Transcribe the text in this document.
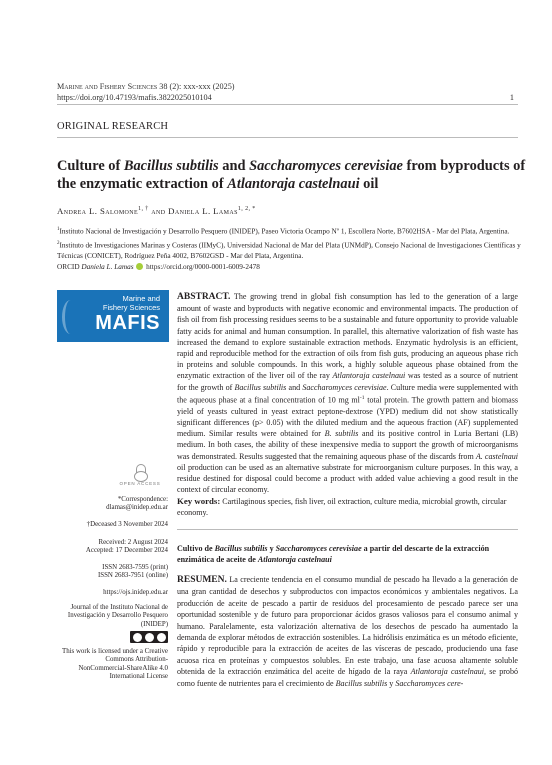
Marine and Fishery Sciences 38 (2): xxx-xxx (2025)
https://doi.org/10.47193/mafis.3822025010104	1
ORIGINAL RESEARCH
Culture of Bacillus subtilis and Saccharomyces cerevisiae from byproducts of the enzymatic extraction of Atlantoraja castelnaui oil
Andrea L. Salomone$^{1, \dagger}$ and Daniela L. Lamas$^{1, 2, *}$
$^1$Instituto Nacional de Investigación y Desarrollo Pesquero (INIDEP), Paseo Victoria Ocampo Nº 1, Escollera Norte, B7602HSA - Mar del Plata, Argentina. $^2$Instituto de Investigaciones Marinas y Costeras (IIMyC), Universidad Nacional de Mar del Plata (UNMdP), Consejo Nacional de Investigaciones Científicas y Técnicas (CONICET), Rodríguez Peña 4002, B7602GSD - Mar del Plata, Argentina.
ORCID Daniela L. Lamas  https://orcid.org/0000-0001-6009-2478
Marine and
Fishery Sciences
MAFIS
OPEN ACCESS
*Correspondence:
dlamas@inidep.edu.ar
†Deceased 3 November 2024
Received: 2 August 2024
Accepted: 17 December 2024
ISSN 2683-7595 (print)
ISSN 2683-7951 (online)
https://ojs.inidep.edu.ar
Journal of the Instituto Nacional de
Investigación y Desarrollo Pesquero
(INIDEP)
This work is licensed under a Creative
Commons Attribution-
NonCommercial-ShareAlike 4.0
International License
ABSTRACT. The growing trend in global fish consumption has led to the generation of a large amount of waste and byproducts with negative economic and environmental impacts. The production of fish oil from fish processing residues seems to be a sustainable and future opportunity to provide valuable fatty acids for animal and human consumption. In parallel, this alternative valorization of fish waste has increased the demand to explore sustainable extraction methods. Enzymatic hydrolysis is an efficient, rapid and reproducible method for the extraction of oils from fish guts, producing an aqueous phase rich in proteins and soluble compounds. In this work, a highly soluble aqueous phase obtained from the enzymatic extraction of the liver oil of the ray Atlantoraja castelnaui was tested as a source of nutrient for the growth of Bacillus subtilis and Saccharomyces cerevisiae. Culture media were supplemented with the aqueous phase at a final concentration of 10 mg $ml^{-1}$ total protein. The growth pattern and biomass yield of yeasts cultured in yeast extract peptone-dextrose (YPD) medium did not show statistically significant differences (p> 0.05) with the diluted medium and the aqueous fraction (AF) supplemented medium. Similar results were obtained for B. subtilis and its positive control in Luria Bertani (LB) medium. In both cases, the ability of these inexpensive media to support the growth of microorganisms was demonstrated. Results suggested that the remaining aqueous phase of the discards from A. castelnaui oil production can be used as an alternative substrate for microorganism culture purposes. In this way, a residue destined for disposal could become a product with added value achieving a good result in the context of circular economy.
Key words: Cartilaginous species, fish liver, oil extraction, culture media, microbial growth, circular economy.
Cultivo de Bacillus subtilis y Saccharomyces cerevisiae a partir del descarte de la extracción enzimática de aceite de Atlantoraja castelnaui
RESUMEN. La creciente tendencia en el consumo mundial de pescado ha llevado a la generación de una gran cantidad de desechos y subproductos con impactos económicos y ambientales negativos. La producción de aceite de pescado a partir de residuos del procesamiento de pescado parece ser una oportunidad sostenible y de futuro para proporcionar ácidos grasos valiosos para el consumo animal y humano. Paralelamente, esta valorización alternativa de los desechos de pescado ha aumentado la demanda de explorar métodos de extracción sostenibles. La hidrólisis enzimática es un método eficiente, rápido y reproducible para la extracción de aceites de las vísceras de pescado, produciendo una fase acuosa rica en proteínas y compuestos solubles. En este trabajo, una fase acuosa altamente soluble obtenida de la extracción enzimática del aceite de hígado de la raya Atlantoraja castelnaui, se probó como fuente de nutrientes para el crecimiento de Bacillus subtilis y Saccharomyces cere-
